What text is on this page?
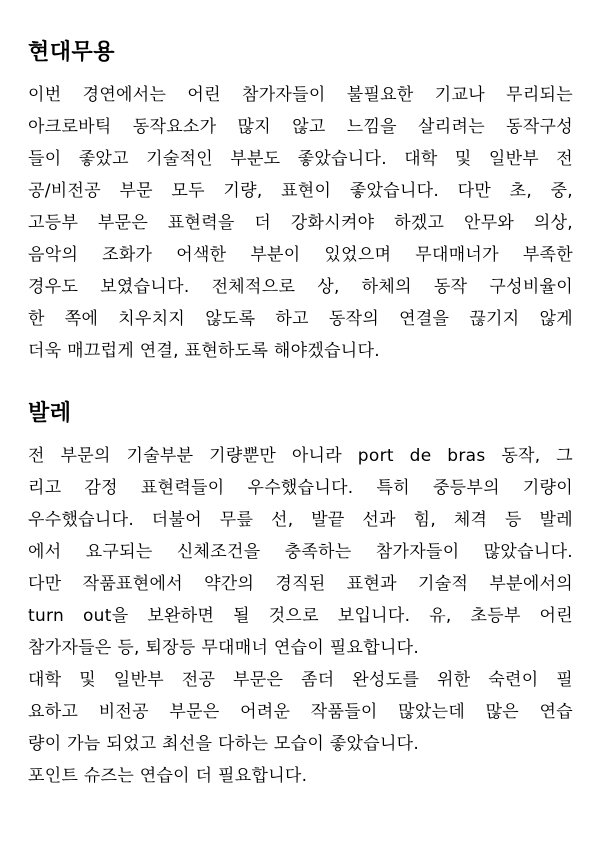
현대무용

이번 경연에서는 어린 참가자들이 불필요한 기교나 무리되는

아크로바틱 동작요소가 많지 않고 느낌을 살리려는 동작구성

들이 좋았고 기술적인 부분도 좋았습니다. 대학 및 일반부 전

공/비전공 부문 모두 기량, 표현이 좋았습니다. 다만 초, 중,

고등부 부문은 표현력을 더 강화시켜야 하겠고 안무와 의상,

음악의 조화가 어색한 부분이 있었으며 무대매너가 부족한

경우도 보였습니다. 전체적으로 상, 하체의 동작 구성비율이

한 쪽에 치우치지 않도록 하고 동작의 연결을 끊기지 않게

더욱 매끄럽게 연결, 표현하도록 해야겠습니다.

발레

전 부문의 기술부분 기량뿐만 아니라 port de bras 동작, 그

리고 감정 표현력들이 우수했습니다. 특히 중등부의 기량이

우수했습니다. 더불어 무릎 선, 발끝 선과 힘, 체격 등 발레

에서 요구되는 신체조건을 충족하는 참가자들이 많았습니다.

다만 작품표현에서 약간의 경직된 표현과 기술적 부분에서의

turn out을 보완하면 될 것으로 보입니다. 유, 초등부 어린

참가자들은 등, 퇴장등 무대매너 연습이 필요합니다.

대학 및 일반부 전공 부문은 좀더 완성도를 위한 숙련이 필

요하고 비전공 부문은 어려운 작품들이 많았는데 많은 연습

량이 가늠 되었고 최선을 다하는 모습이 좋았습니다.

포인트 슈즈는 연습이 더 필요합니다.
